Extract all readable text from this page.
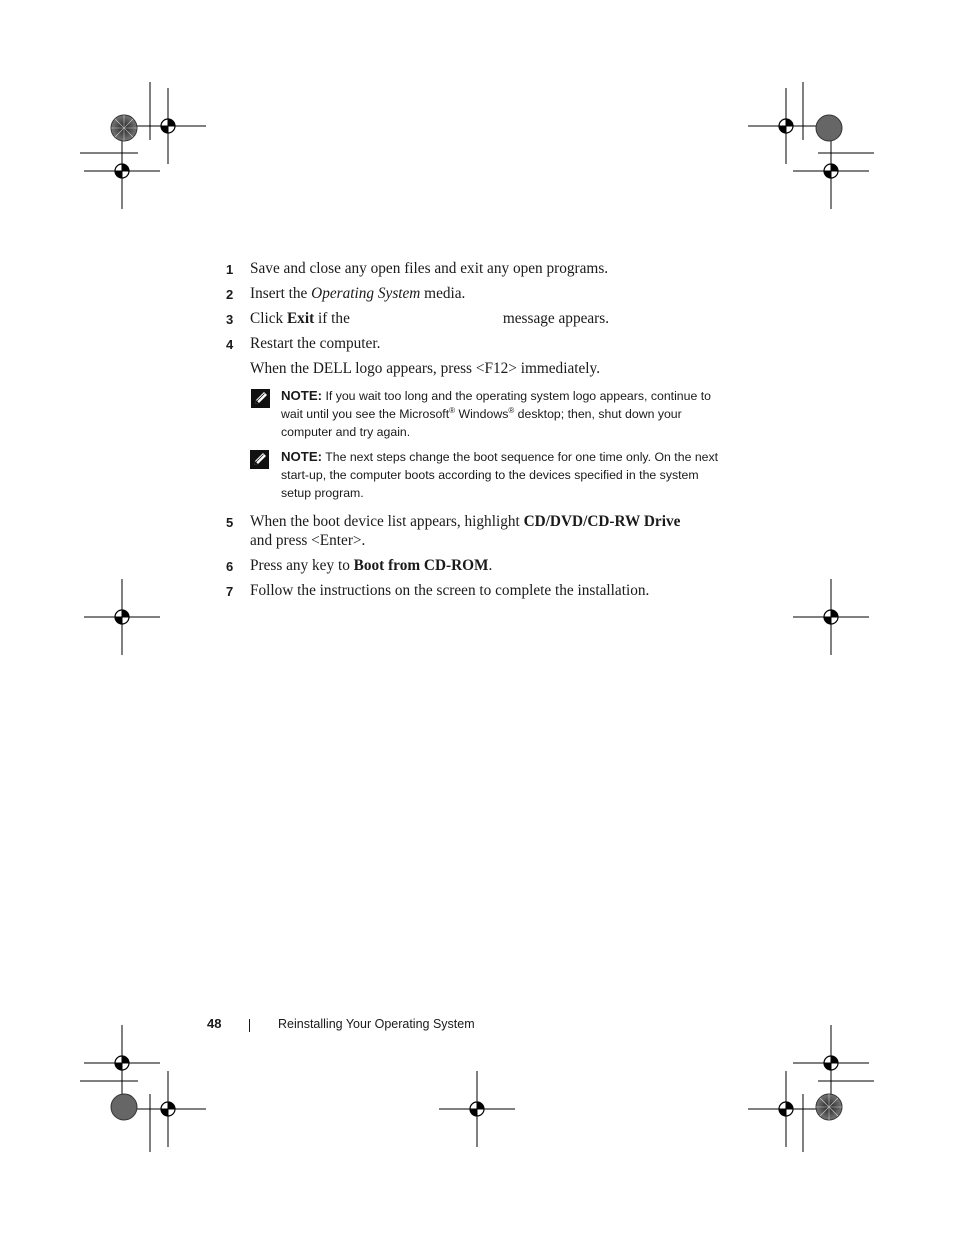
1 Save and close any open files and exit any open programs.
2 Insert the Operating System media.
3 Click Exit if the	message appears.
4 Restart the computer.
When the DELL logo appears, press <F12> immediately.
NOTE: If you wait too long and the operating system logo appears, continue to wait until you see the Microsoft® Windows® desktop; then, shut down your computer and try again.
NOTE: The next steps change the boot sequence for one time only. On the next start-up, the computer boots according to the devices specified in the system setup program.
5 When the boot device list appears, highlight CD/DVD/CD-RW Drive
and press <Enter>.
6 Press any key to Boot from CD-ROM.
7 Follow the instructions on the screen to complete the installation.
48	Reinstalling Your Operating System
